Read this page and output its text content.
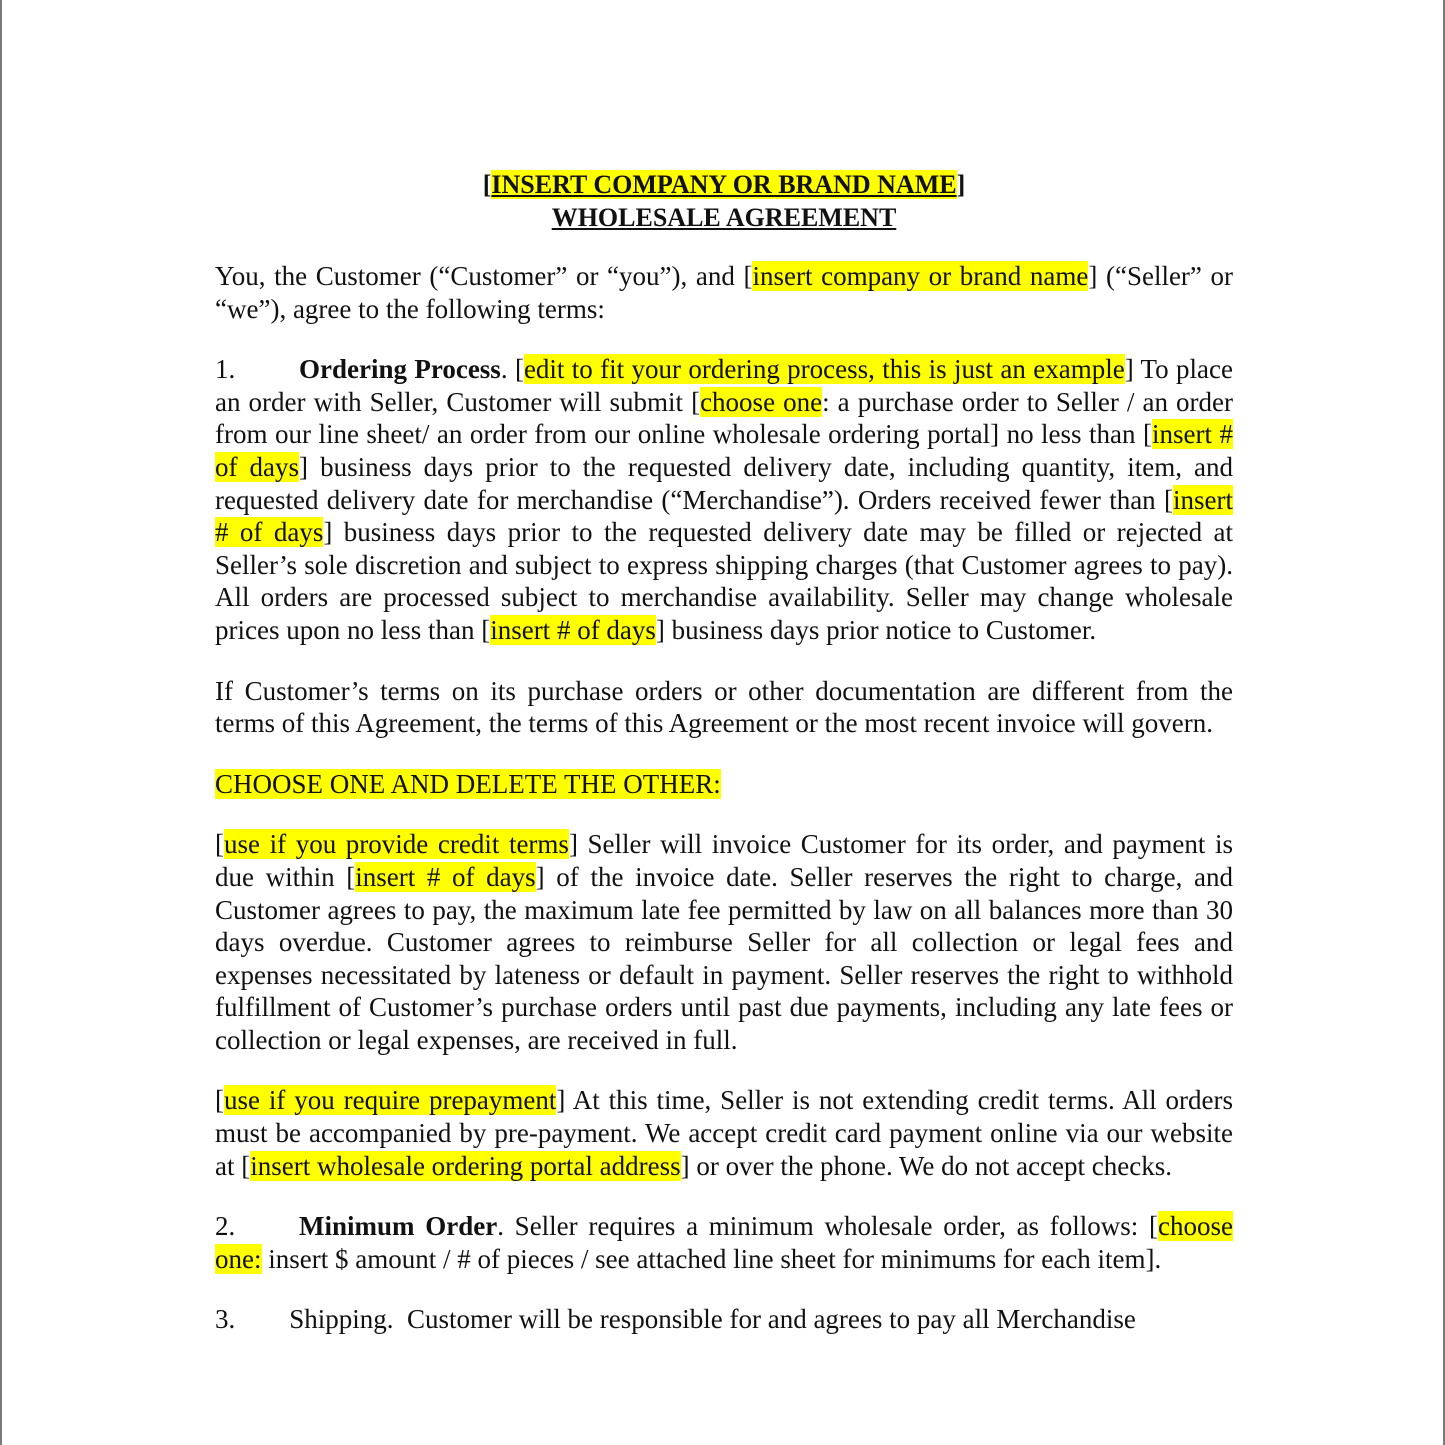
[INSERT COMPANY OR BRAND NAME]
WHOLESALE AGREEMENT

You, the Customer (“Customer” or “you”), and [insert company or brand name] (“Seller” or “we”), agree to the following terms:

1. Ordering Process. [edit to fit your ordering process, this is just an example] To place an order with Seller, Customer will submit [choose one: a purchase order to Seller / an order from our line sheet/ an order from our online wholesale ordering portal] no less than [insert # of days] business days prior to the requested delivery date, including quantity, item, and requested delivery date for merchandise (“Merchandise”). Orders received fewer than [insert # of days] business days prior to the requested delivery date may be filled or rejected at Seller’s sole discretion and subject to express shipping charges (that Customer agrees to pay). All orders are processed subject to merchandise availability. Seller may change wholesale prices upon no less than [insert # of days] business days prior notice to Customer.

If Customer’s terms on its purchase orders or other documentation are different from the terms of this Agreement, the terms of this Agreement or the most recent invoice will govern.

CHOOSE ONE AND DELETE THE OTHER:

[use if you provide credit terms] Seller will invoice Customer for its order, and payment is due within [insert # of days] of the invoice date. Seller reserves the right to charge, and Customer agrees to pay, the maximum late fee permitted by law on all balances more than 30 days overdue. Customer agrees to reimburse Seller for all collection or legal fees and expenses necessitated by lateness or default in payment. Seller reserves the right to withhold fulfillment of Customer’s purchase orders until past due payments, including any late fees or collection or legal expenses, are received in full.

[use if you require prepayment] At this time, Seller is not extending credit terms. All orders must be accompanied by pre-payment. We accept credit card payment online via our website at [insert wholesale ordering portal address] or over the phone. We do not accept checks.

2. Minimum Order. Seller requires a minimum wholesale order, as follows: [choose one: insert $ amount / # of pieces / see attached line sheet for minimums for each item].

3.        Shipping.  Customer will be responsible for and agrees to pay all Merchandise
